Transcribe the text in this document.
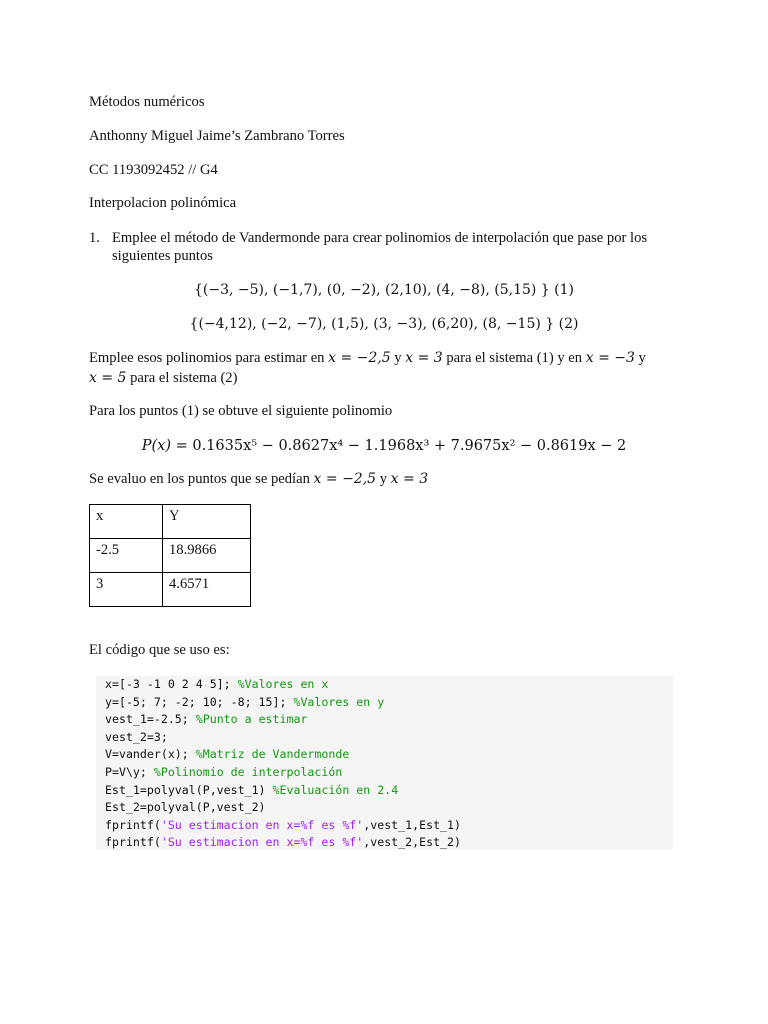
Métodos numéricos
Anthonny Miguel Jaime’s Zambrano Torres
CC 1193092452 // G4
Interpolacion polinómica
1. Emplee el método de Vandermonde para crear polinomios de interpolación que pase por los siguientes puntos
{(−3, −5), (−1,7), (0, −2), (2,10), (4, −8), (5,15) } (1)
{(−4,12), (−2, −7), (1,5), (3, −3), (6,20), (8, −15) } (2)
Emplee esos polinomios para estimar en x = −2,5 y x = 3 para el sistema (1) y en x = −3 y
x = 5 para el sistema (2)
Para los puntos (1) se obtuve el siguiente polinomio
P(x) = 0.1635x⁵ − 0.8627x⁴ − 1.1968x³ + 7.9675x² − 0.8619x − 2
Se evaluo en los puntos que se pedían x = −2,5 y x = 3
x	Y
-2.5	18.9866
3	4.6571
El código que se uso es:
x=[-3 -1 0 2 4 5]; %Valores en x
y=[-5; 7; -2; 10; -8; 15]; %Valores en y
vest_1=-2.5; %Punto a estimar
vest_2=3;
V=vander(x); %Matriz de Vandermonde
P=V\y; %Polinomio de interpolación
Est_1=polyval(P,vest_1) %Evaluación en 2.4
Est_2=polyval(P,vest_2)
fprintf('Su estimacion en x=%f es %f',vest_1,Est_1)
fprintf('Su estimacion en x=%f es %f',vest_2,Est_2)
